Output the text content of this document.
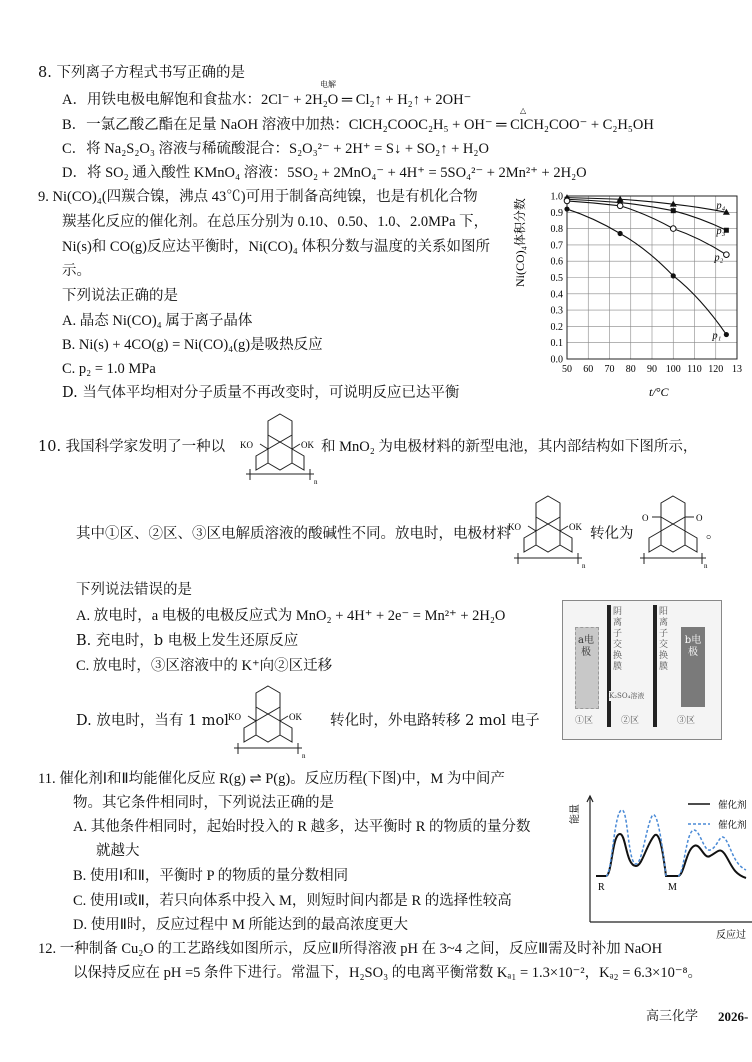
8. 下列离子方程式书写正确的是
A．用铁电极电解饱和食盐水：2Cl⁻ + 2H₂O ═ Cl₂↑ + H₂↑ + 2OH⁻
电解
B．一氯乙酸乙酯在足量 NaOH 溶液中加热：ClCH₂COOC₂H₅ + OH⁻ ═ ClCH₂COO⁻ + C₂H₅OH
△
C．将 Na₂S₂O₃ 溶液与稀硫酸混合：S₂O₃²⁻ + 2H⁺ = S↓ + SO₂↑ + H₂O
D．将 SO₂ 通入酸性 KMnO₄ 溶液：5SO₂ + 2MnO₄⁻ + 4H⁺ = 5SO₄²⁻ + 2Mn²⁺ + 2H₂O
9. Ni(CO)₄(四羰合镍，沸点 43℃)可用于制备高纯镍，也是有机化合物
羰基化反应的催化剂。在总压分别为 0.10、0.50、1.0、2.0MPa 下，
Ni(s)和 CO(g)反应达平衡时，Ni(CO)₄ 体积分数与温度的关系如图所
示。
下列说法正确的是
A. 晶态 Ni(CO)₄ 属于离子晶体
B. Ni(s) + 4CO(g) = Ni(CO)₄(g)是吸热反应
C. p₂ = 1.0 MPa
D. 当气体平均相对分子质量不再改变时，可说明反应已达平衡
1.0
0.9
0.8
0.7
0.6
0.5
0.4
0.3
0.2
0.1
0.0
50 60 70 80 90 100 110 120 13
p₄
p₃
p₂
p₁
Ni(CO)₄体积分数
t/°C
10. 我国科学家发明了一种以	和 MnO₂ 为电极材料的新型电池，其内部结构如下图所示，
KO	OK
n
其中①区、②区、③区电解质溶液的酸碱性不同。放电时，电极材料
KO	OK
n
转化为
O	O
n
。
下列说法错误的是
A. 放电时，a 电极的电极反应式为 MnO₂ + 4H⁺ + 2e⁻ = Mn²⁺ + 2H₂O
B. 充电时，b 电极上发生还原反应
C. 放电时，③区溶液中的 K⁺向②区迁移
D. 放电时，当有 1 mol KO	OK
n
转化时，外电路转移 2 mol 电子
a电极
阴离子交换膜
阳离子交换膜
K₂SO₄溶液
b电极
①区	②区	③区
11. 催化剂Ⅰ和Ⅱ均能催化反应 R(g) ⇌ P(g)。反应历程(下图)中，M 为中间产
物。其它条件相同时，下列说法正确的是
A. 其他条件相同时，起始时投入的 R 越多，达平衡时 R 的物质的量分数
就越大
B. 使用Ⅰ和Ⅱ，平衡时 P 的物质的量分数相同
C. 使用Ⅰ或Ⅱ，若只向体系中投入 M，则短时间内都是 R 的选择性较高
D. 使用Ⅱ时，反应过程中 M 所能达到的最高浓度更大
能量
反应过
R	M
催化剂
催化剂
12. 一种制备 Cu₂O 的工艺路线如图所示，反应Ⅱ所得溶液 pH 在 3~4 之间，反应Ⅲ需及时补加 NaOH
以保持反应在 pH =5 条件下进行。常温下，H₂SO₃ 的电离平衡常数 Kₐ₁ = 1.3×10⁻²，Kₐ₂ = 6.3×10⁻⁸。
高三化学 2026-
